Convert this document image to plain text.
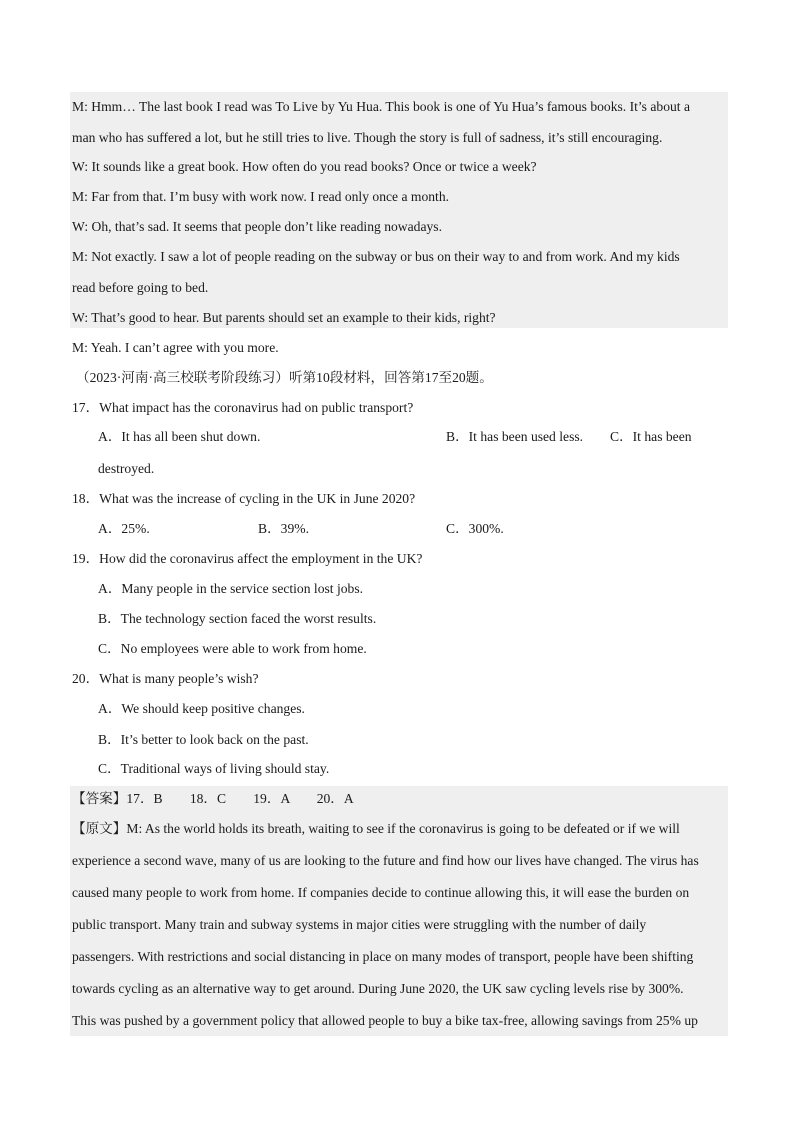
M: Hmm… The last book I read was To Live by Yu Hua. This book is one of Yu Hua’s famous books. It’s about a
man who has suffered a lot, but he still tries to live. Though the story is full of sadness, it’s still encouraging.
W: It sounds like a great book. How often do you read books? Once or twice a week?
M: Far from that. I’m busy with work now. I read only once a month.
W: Oh, that’s sad. It seems that people don’t like reading nowadays.
M: Not exactly. I saw a lot of people reading on the subway or bus on their way to and from work. And my kids
read before going to bed.
W: That’s good to hear. But parents should set an example to their kids, right?
M: Yeah. I can’t agree with you more.
（2023·河南·高三校联考阶段练习）听第10段材料，回答第17至20题。
17．What impact has the coronavirus had on public transport?
A．It has all been shut down.	B．It has been used less. C．It has been
destroyed.
18．What was the increase of cycling in the UK in June 2020?
A．25%.	B．39%.	C．300%.
19．How did the coronavirus affect the employment in the UK?
A．Many people in the service section lost jobs.
B．The technology section faced the worst results.
C．No employees were able to work from home.
20．What is many people’s wish?
A．We should keep positive changes.
B．It’s better to look back on the past.
C．Traditional ways of living should stay.
【答案】17．B　　18．C　　19．A　　20．A
【原文】M: As the world holds its breath, waiting to see if the coronavirus is going to be defeated or if we will
experience a second wave, many of us are looking to the future and find how our lives have changed. The virus has
caused many people to work from home. If companies decide to continue allowing this, it will ease the burden on
public transport. Many train and subway systems in major cities were struggling with the number of daily
passengers. With restrictions and social distancing in place on many modes of transport, people have been shifting
towards cycling as an alternative way to get around. During June 2020, the UK saw cycling levels rise by 300%.
This was pushed by a government policy that allowed people to buy a bike tax-free, allowing savings from 25% up
